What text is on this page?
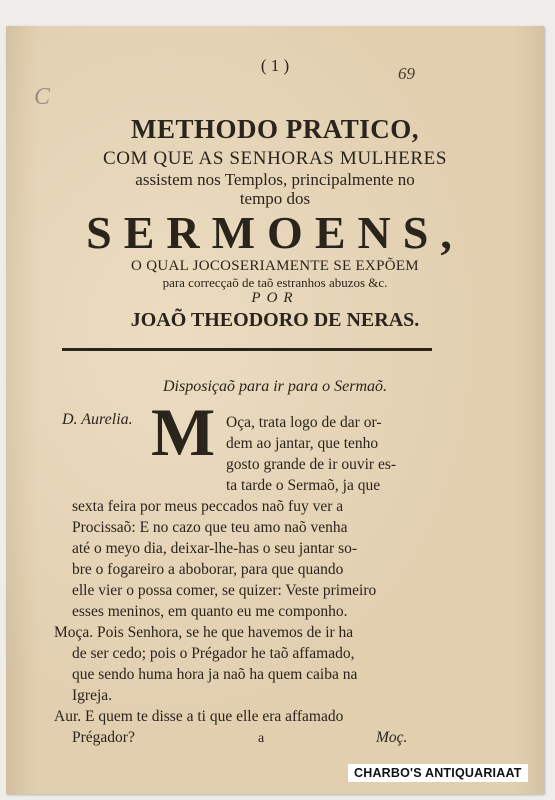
( 1 )	69
C
METHODO PRATICO,
COM QUE AS SENHORAS MULHERES
assistem nos Templos, principalmente no
tempo dos
SERMOENS,
O QUAL JOCOSERIAMENTE SE EXPÕEM
para correcçaõ de taõ estranhos abuzos &c.
POR
JOAÕ THEODORO DE NERAS.
Disposiçaõ para ir para o Sermaõ.
D. Aurelia. M Oça, trata logo de dar or-
dem ao jantar, que tenho
gosto grande de ir ouvir es-
ta tarde o Sermaõ, ja que
sexta feira por meus peccados naõ fuy ver a
Procissaõ: E no cazo que teu amo naõ venha
até o meyo dia, deixar-lhe-has o seu jantar so-
bre o fogareiro a aboborar, para que quando
elle vier o possa comer, se quizer: Veste primeiro
esses meninos, em quanto eu me componho.
Moça. Pois Senhora, se he que havemos de ir ha
de ser cedo; pois o Prégador he taõ affamado,
que sendo huma hora ja naõ ha quem caiba na
Igreja.
Aur. E quem te disse a ti que elle era affamado
Prégador?	a	Moç.
CHARBO'S ANTIQUARIAAT
